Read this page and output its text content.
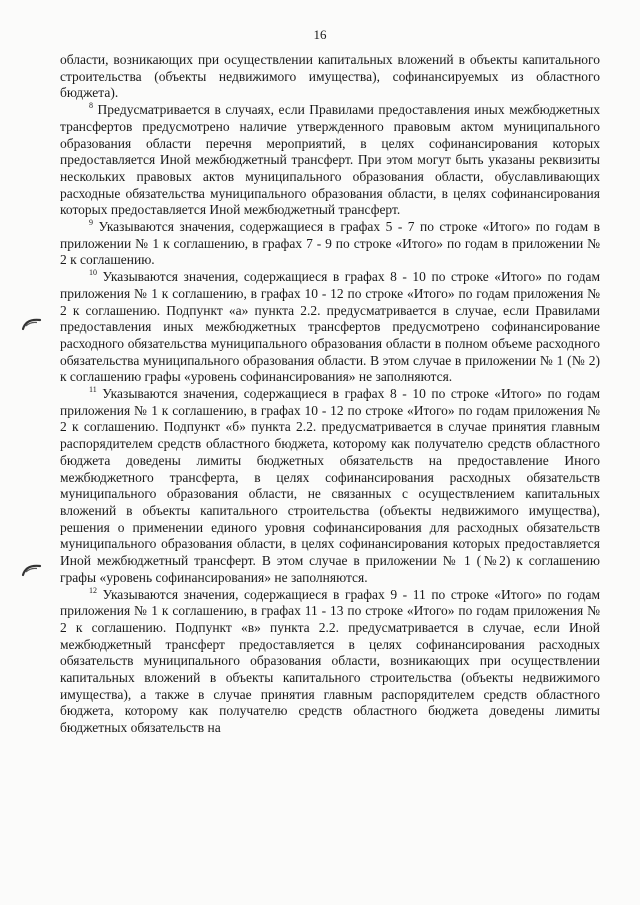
16

области, возникающих при осуществлении капитальных вложений в объекты капитального строительства (объекты недвижимого имущества), софинансируемых из областного бюджета).

$^8$ Предусматривается в случаях, если Правилами предоставления иных межбюджетных трансфертов предусмотрено наличие утвержденного правовым актом муниципального образования области перечня мероприятий, в целях софинансирования которых предоставляется Иной межбюджетный трансферт. При этом могут быть указаны реквизиты нескольких правовых актов муниципального образования области, обуславливающих расходные обязательства муниципального образования области, в целях софинансирования которых предоставляется Иной межбюджетный трансферт.

$^9$ Указываются значения, содержащиеся в графах 5 - 7 по строке «Итого» по годам в приложении № 1 к соглашению, в графах 7 - 9 по строке «Итого» по годам в приложении № 2 к соглашению.

$^{10}$ Указываются значения, содержащиеся в графах 8 - 10 по строке «Итого» по годам приложения № 1 к соглашению, в графах 10 - 12 по строке «Итого» по годам приложения № 2 к соглашению. Подпункт «а» пункта 2.2. предусматривается в случае, если Правилами предоставления иных межбюджетных трансфертов предусмотрено софинансирование расходного обязательства муниципального образования области в полном объеме расходного обязательства муниципального образования области. В этом случае в приложении № 1 (№ 2) к соглашению графы «уровень софинансирования» не заполняются.

$^{11}$ Указываются значения, содержащиеся в графах 8 - 10 по строке «Итого» по годам приложения № 1 к соглашению, в графах 10 - 12 по строке «Итого» по годам приложения № 2 к соглашению. Подпункт «б» пункта 2.2. предусматривается в случае принятия главным распорядителем средств областного бюджета, которому как получателю средств областного бюджета доведены лимиты бюджетных обязательств на предоставление Иного межбюджетного трансферта, в целях софинансирования расходных обязательств муниципального образования области, не связанных с осуществлением капитальных вложений в объекты капитального строительства (объекты недвижимого имущества), решения о применении единого уровня софинансирования для расходных обязательств муниципального образования области, в целях софинансирования которых предоставляется Иной межбюджетный трансферт. В этом случае в приложении № 1 (№2) к соглашению графы «уровень софинансирования» не заполняются.

$^{12}$ Указываются значения, содержащиеся в графах 9 - 11 по строке «Итого» по годам приложения № 1 к соглашению, в графах 11 - 13 по строке «Итого» по годам приложения № 2 к соглашению. Подпункт «в» пункта 2.2. предусматривается в случае, если Иной межбюджетный трансферт предоставляется в целях софинансирования расходных обязательств муниципального образования области, возникающих при осуществлении капитальных вложений в объекты капитального строительства (объекты недвижимого имущества), а также в случае принятия главным распорядителем средств областного бюджета, которому как получателю средств областного бюджета доведены лимиты бюджетных обязательств на
